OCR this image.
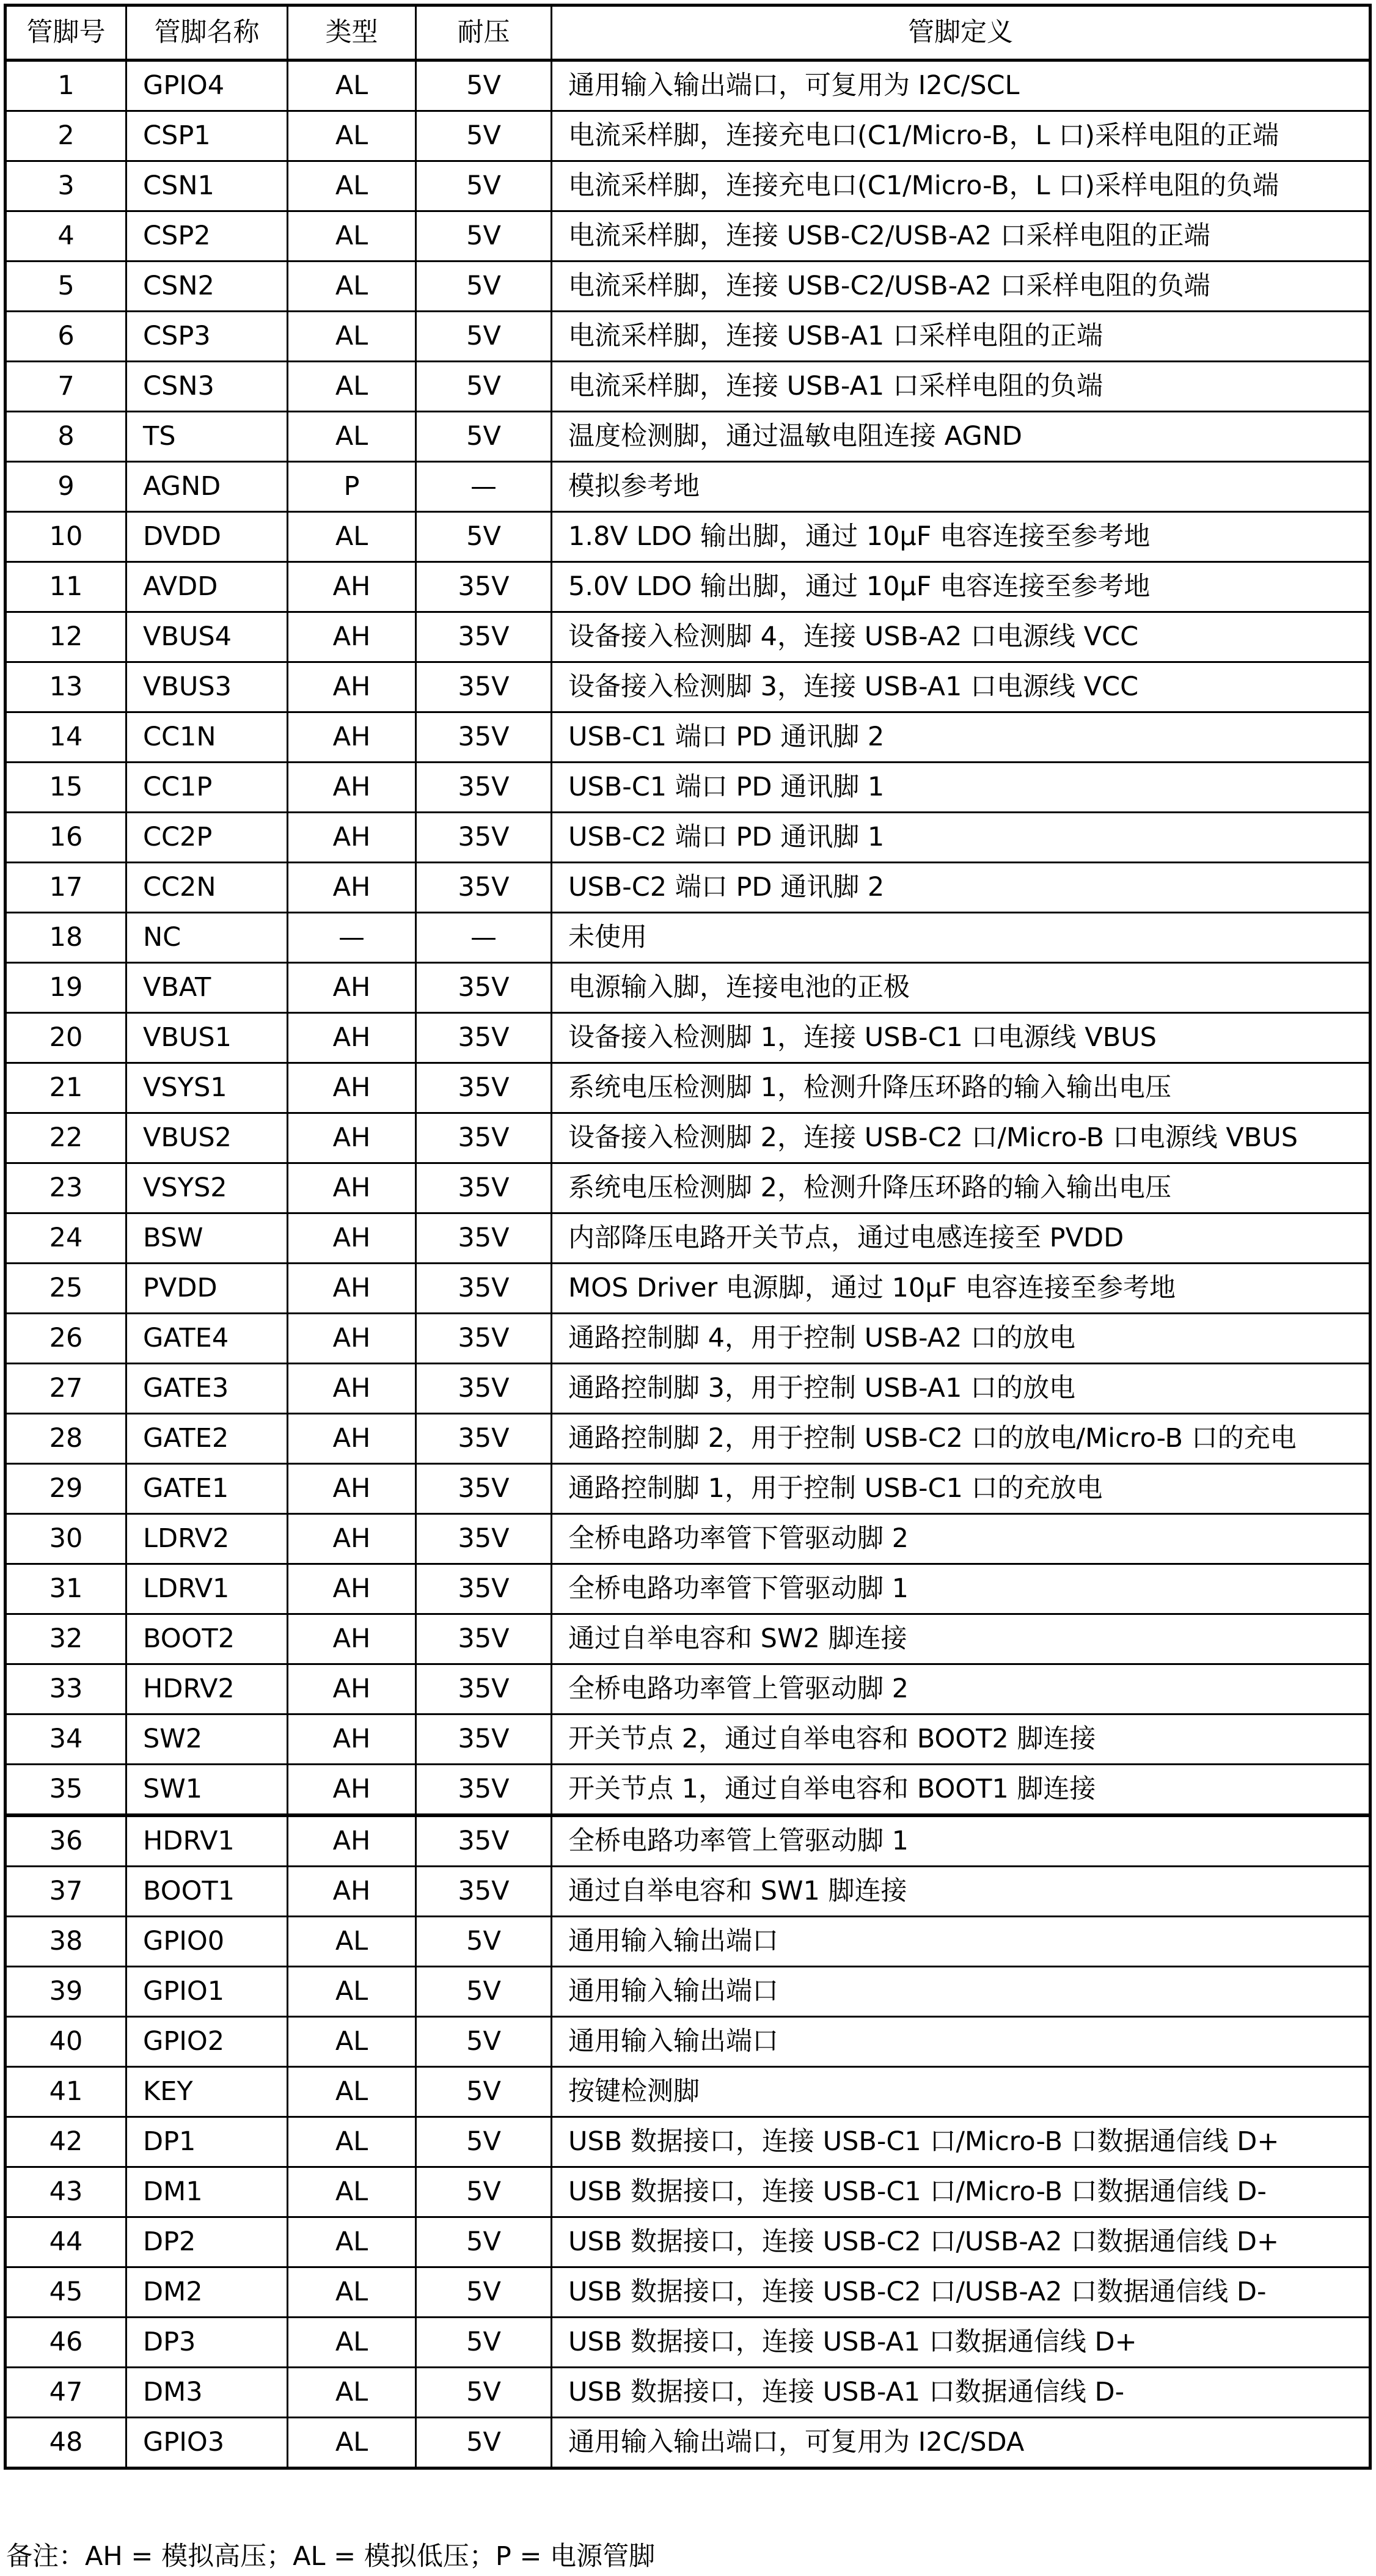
管脚号	管脚名称	类型	耐压	管脚定义
1	GPIO4	AL	5V	通用输入输出端口，可复用为 I2C/SCL
2	CSP1	AL	5V	电流采样脚，连接充电口(C1/Micro-B，L 口)采样电阻的正端
3	CSN1	AL	5V	电流采样脚，连接充电口(C1/Micro-B，L 口)采样电阻的负端
4	CSP2	AL	5V	电流采样脚，连接 USB-C2/USB-A2 口采样电阻的正端
5	CSN2	AL	5V	电流采样脚，连接 USB-C2/USB-A2 口采样电阻的负端
6	CSP3	AL	5V	电流采样脚，连接 USB-A1 口采样电阻的正端
7	CSN3	AL	5V	电流采样脚，连接 USB-A1 口采样电阻的负端
8	TS	AL	5V	温度检测脚，通过温敏电阻连接 AGND
9	AGND	P	—	模拟参考地
10	DVDD	AL	5V	1.8V LDO 输出脚，通过 10μF 电容连接至参考地
11	AVDD	AH	35V	5.0V LDO 输出脚，通过 10μF 电容连接至参考地
12	VBUS4	AH	35V	设备接入检测脚 4，连接 USB-A2 口电源线 VCC
13	VBUS3	AH	35V	设备接入检测脚 3，连接 USB-A1 口电源线 VCC
14	CC1N	AH	35V	USB-C1 端口 PD 通讯脚 2
15	CC1P	AH	35V	USB-C1 端口 PD 通讯脚 1
16	CC2P	AH	35V	USB-C2 端口 PD 通讯脚 1
17	CC2N	AH	35V	USB-C2 端口 PD 通讯脚 2
18	NC	—	—	未使用
19	VBAT	AH	35V	电源输入脚，连接电池的正极
20	VBUS1	AH	35V	设备接入检测脚 1，连接 USB-C1 口电源线 VBUS
21	VSYS1	AH	35V	系统电压检测脚 1，检测升降压环路的输入输出电压
22	VBUS2	AH	35V	设备接入检测脚 2，连接 USB-C2 口/Micro-B 口电源线 VBUS
23	VSYS2	AH	35V	系统电压检测脚 2，检测升降压环路的输入输出电压
24	BSW	AH	35V	内部降压电路开关节点，通过电感连接至 PVDD
25	PVDD	AH	35V	MOS Driver 电源脚，通过 10μF 电容连接至参考地
26	GATE4	AH	35V	通路控制脚 4，用于控制 USB-A2 口的放电
27	GATE3	AH	35V	通路控制脚 3，用于控制 USB-A1 口的放电
28	GATE2	AH	35V	通路控制脚 2，用于控制 USB-C2 口的放电/Micro-B 口的充电
29	GATE1	AH	35V	通路控制脚 1，用于控制 USB-C1 口的充放电
30	LDRV2	AH	35V	全桥电路功率管下管驱动脚 2
31	LDRV1	AH	35V	全桥电路功率管下管驱动脚 1
32	BOOT2	AH	35V	通过自举电容和 SW2 脚连接
33	HDRV2	AH	35V	全桥电路功率管上管驱动脚 2
34	SW2	AH	35V	开关节点 2，通过自举电容和 BOOT2 脚连接
35	SW1	AH	35V	开关节点 1，通过自举电容和 BOOT1 脚连接
36	HDRV1	AH	35V	全桥电路功率管上管驱动脚 1
37	BOOT1	AH	35V	通过自举电容和 SW1 脚连接
38	GPIO0	AL	5V	通用输入输出端口
39	GPIO1	AL	5V	通用输入输出端口
40	GPIO2	AL	5V	通用输入输出端口
41	KEY	AL	5V	按键检测脚
42	DP1	AL	5V	USB 数据接口，连接 USB-C1 口/Micro-B 口数据通信线 D+
43	DM1	AL	5V	USB 数据接口，连接 USB-C1 口/Micro-B 口数据通信线 D-
44	DP2	AL	5V	USB 数据接口，连接 USB-C2 口/USB-A2 口数据通信线 D+
45	DM2	AL	5V	USB 数据接口，连接 USB-C2 口/USB-A2 口数据通信线 D-
46	DP3	AL	5V	USB 数据接口，连接 USB-A1 口数据通信线 D+
47	DM3	AL	5V	USB 数据接口，连接 USB-A1 口数据通信线 D-
48	GPIO3	AL	5V	通用输入输出端口，可复用为 I2C/SDA
备注：AH = 模拟高压；AL = 模拟低压；P = 电源管脚
